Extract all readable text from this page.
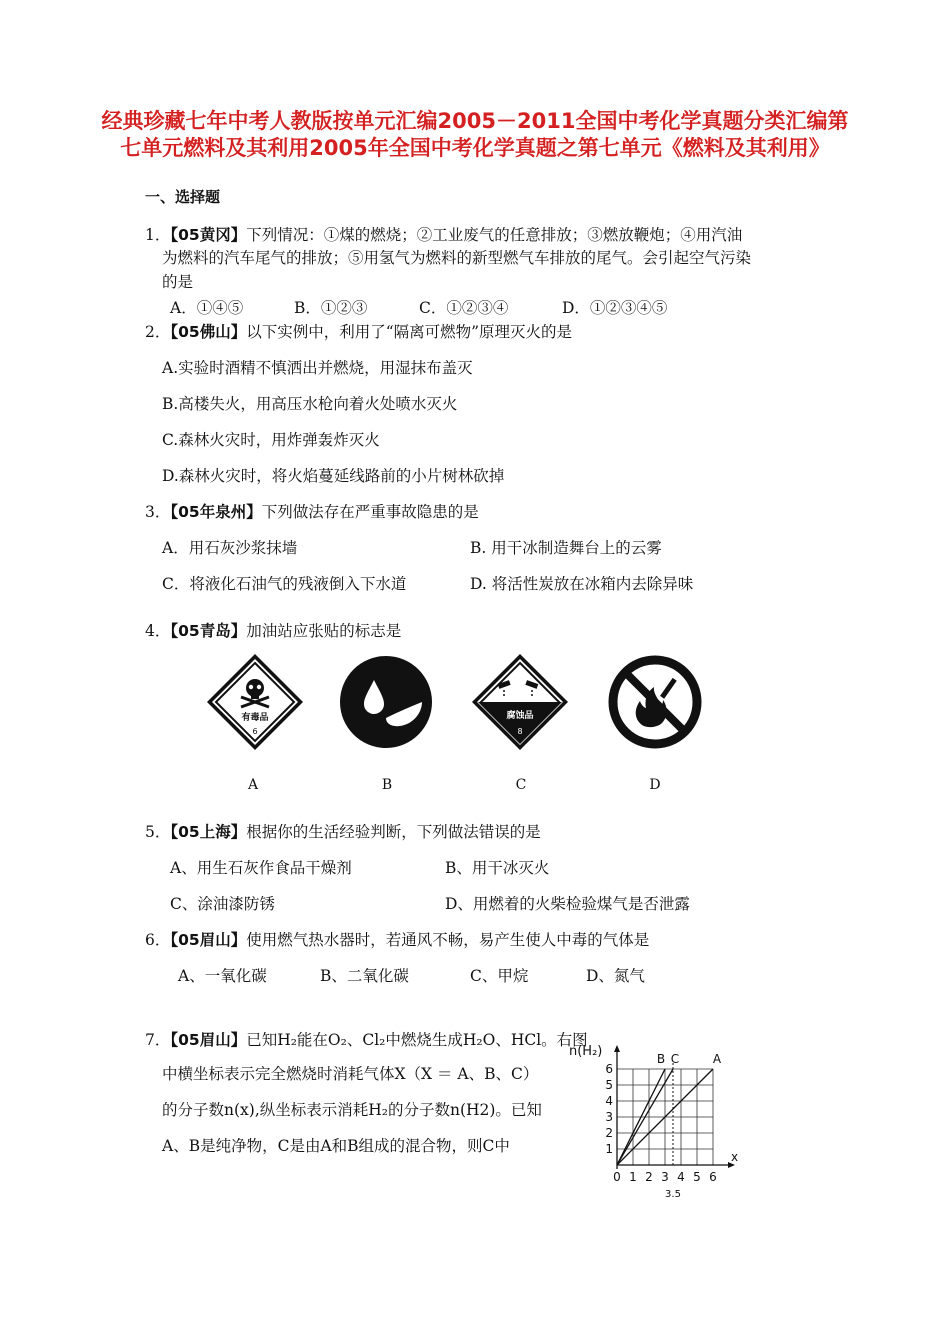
经典珍藏七年中考人教版按单元汇编2005－2011全国中考化学真题分类汇编第七单元燃料及其利用2005年全国中考化学真题之第七单元《燃料及其利用》
一、选择题
1．【05黄冈】下列情况：①煤的燃烧；②工业废气的任意排放；③燃放鞭炮；④用汽油
为燃料的汽车尾气的排放；⑤用氢气为燃料的新型燃气车排放的尾气。会引起空气污染
的是
A．①④⑤	B．①②③	C．①②③④	D．①②③④⑤
2．【05佛山】以下实例中，利用了“隔离可燃物”原理灭火的是
A.实验时酒精不慎洒出并燃烧，用湿抹布盖灭
B.高楼失火，用高压水枪向着火处喷水灭火
C.森林火灾时，用炸弹轰炸灭火
D.森林火灾时，将火焰蔓延线路前的小片树林砍掉
3．【05年泉州】下列做法存在严重事故隐患的是
A．用石灰沙浆抹墙	B. 用干冰制造舞台上的云雾
C．将液化石油气的残液倒入下水道	D. 将活性炭放在冰箱内去除异味
4．【05青岛】加油站应张贴的标志是
有毒品
6
腐蚀品
8
A	B	C	D
5．【05上海】根据你的生活经验判断，下列做法错误的是
A、用生石灰作食品干燥剂	B、用干冰灭火
C、涂油漆防锈	D、用燃着的火柴检验煤气是否泄露
6．【05眉山】使用燃气热水器时，若通风不畅，易产生使人中毒的气体是
A、一氧化碳	B、二氧化碳	C、甲烷	D、氮气
7．【05眉山】已知H₂能在O₂、Cl₂中燃烧生成H₂O、HCl。右图
中横坐标表示完全燃烧时消耗气体X（X ＝ A、B、C）
的分子数n(x),纵坐标表示消耗H₂的分子数n(H2)。已知
A、B是纯净物，C是由A和B组成的混合物，则C中
A
B C
0 1 2 3 4 5 6
1
2
3
4
5
6
3.5
n(H₂)
x
